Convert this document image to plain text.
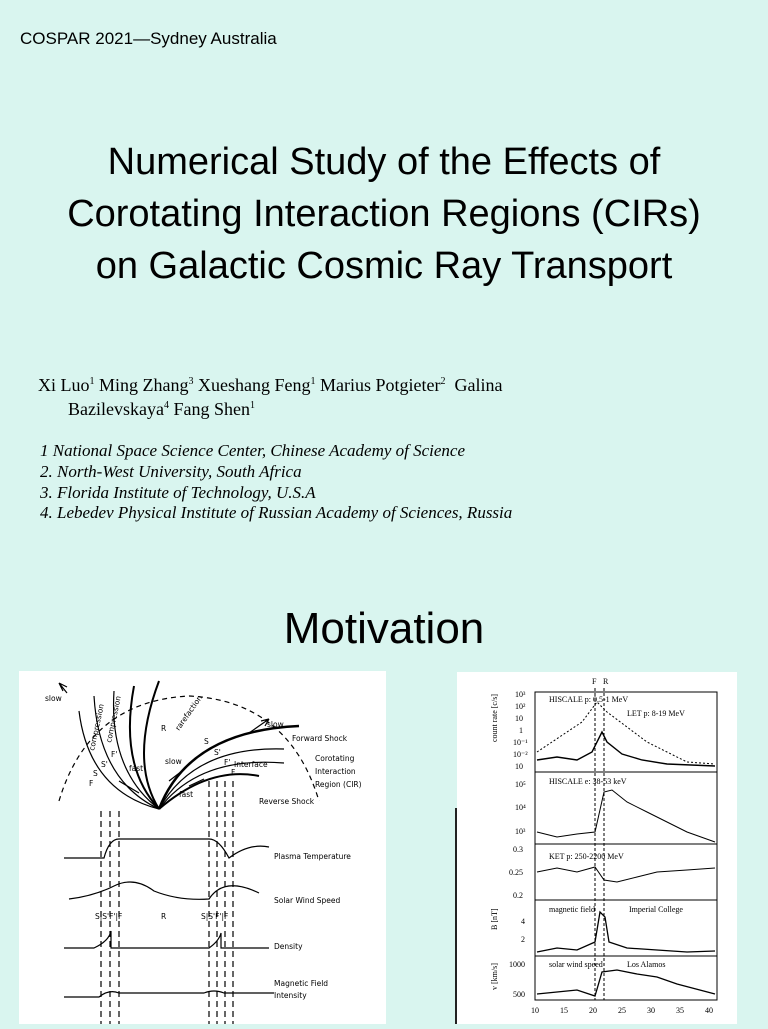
COSPAR 2021—Sydney Australia
Numerical Study of the Effects of
Corotating Interaction Regions (CIRs)
on Galactic Cosmic Ray Transport
Xi Luo$^1$ Ming Zhang$^3$ Xueshang Feng$^1$ Marius Potgieter$^2$ Galina
Bazilevskaya$^4$ Fang Shen$^1$
1 National Space Science Center, Chinese Academy of Science
2. North-West University, South Africa
3. Florida Institute of Technology, U.S.A
4. Lebedev Physical Institute of Russian Academy of Sciences, Russia
Motivation
slow
compression
compression	rarefaction
R
S
S'
F'
F
S
S'
F'
F
fast
fast
slow	Interface
slow
Forward Shock
Corotating
Interaction
Region (CIR)
Reverse Shock
S|S'F'|F	R	S|S'F'|F
Plasma Temperature
Solar Wind Speed
Density
Magnetic Field
Intensity
F R
count rate [c/s]	HISCALE p: 0.5-1 MeV
LET p: 8-19 MeV
10³
10²
10
1
10⁻¹
10⁻²
10
HISCALE e: 38-53 keV
10⁵
10⁴
10³
KET p: 250-2200 MeV
0.3
0.25
0.2
B [nT]	magnetic field	Imperial College
4
2
v [km/s]	solar wind speed	Los Alamos
1000
500
10	15	20	25	30	35	40
